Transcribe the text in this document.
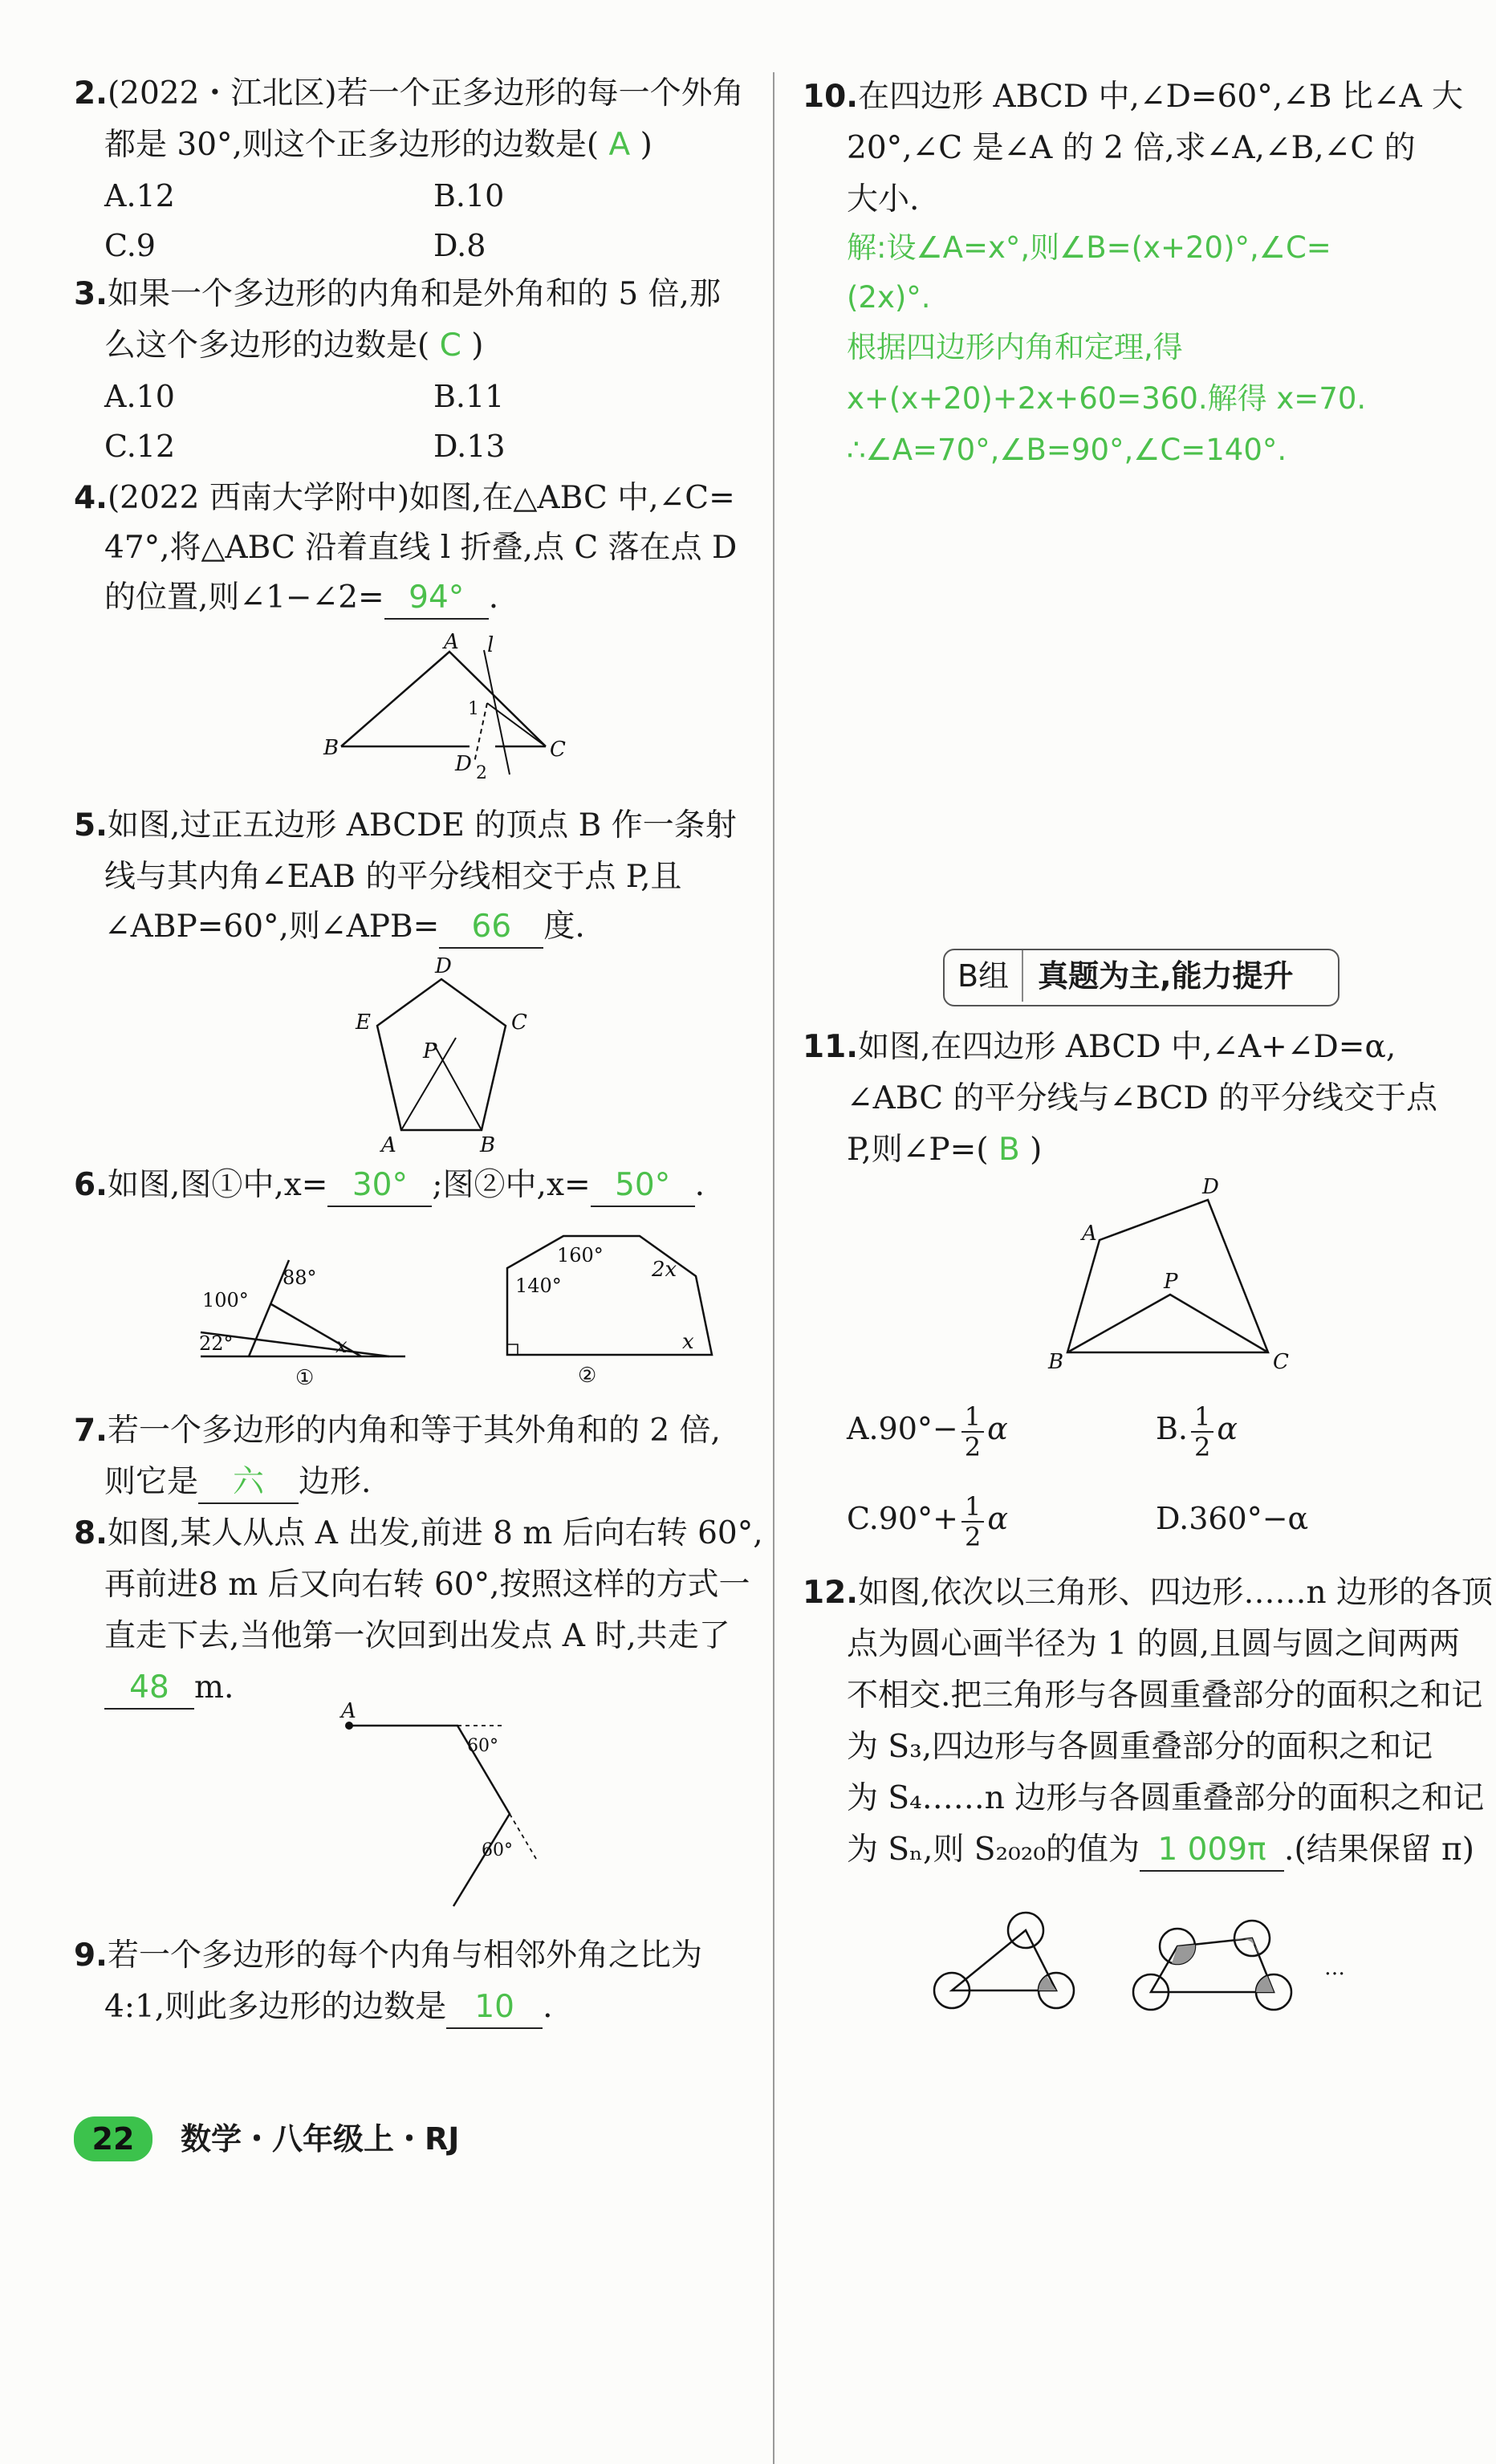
2.(2022・江北区)若一个正多边形的每一个外角
都是 30°,则这个正多边形的边数是( A )
A.12	B.10
C.9	D.8
3.如果一个多边形的内角和是外角和的 5 倍,那
么这个多边形的边数是( C )
A.10	B.11
C.12	D.13
4.(2022 西南大学附中)如图,在△ABC 中,∠C=
47°,将△ABC 沿着直线 l 折叠,点 C 落在点 D
的位置,则∠1−∠2= 94° .
A
B	C
D
l
1
2
5.如图,过正五边形 ABCDE 的顶点 B 作一条射
线与其内角∠EAB 的平分线相交于点 P,且
∠ABP=60°,则∠APB= 66 度.
D
C
E
P
A	B
6.如图,图①中,x= 30° ;图②中,x= 50° .
100°
88°
22°	x
①
160°
2x
140°
x
②
7.若一个多边形的内角和等于其外角和的 2 倍,
则它是 六 边形.
8.如图,某人从点 A 出发,前进 8 m 后向右转 60°,
再前进8 m 后又向右转 60°,按照这样的方式一
直走下去,当他第一次回到出发点 A 时,共走了
48 m.
A
60°
60°
9.若一个多边形的每个内角与相邻外角之比为
4:1,则此多边形的边数是 10 .
10.在四边形 ABCD 中,∠D=60°,∠B 比∠A 大
20°,∠C 是∠A 的 2 倍,求∠A,∠B,∠C 的
大小.
解:设∠A=x°,则∠B=(x+20)°,∠C=
(2x)°.
根据四边形内角和定理,得
x+(x+20)+2x+60=360.解得 x=70.
∴∠A=70°,∠B=90°,∠C=140°.
B组 真题为主,能力提升
11.如图,在四边形 ABCD 中,∠A+∠D=α,
∠ABC 的平分线与∠BCD 的平分线交于点
P,则∠P=( B )
A
D
P
B	C
$A.90^\circ- \frac{1}{2}$ α	B. $\frac{1}{2}$ α
$C.90^\circ+ \frac{1}{2}$ α	D.360°−α
12.如图,依次以三角形、四边形……n 边形的各顶
点为圆心画半径为 1 的圆,且圆与圆之间两两
不相交.把三角形与各圆重叠部分的面积之和记
为 S₃,四边形与各圆重叠部分的面积之和记
为 S₄……n 边形与各圆重叠部分的面积之和记
为 Sₙ,则 S₂₀₂₀的值为 1 009π .(结果保留 π)
…
22	数学・八年级上・RJ
